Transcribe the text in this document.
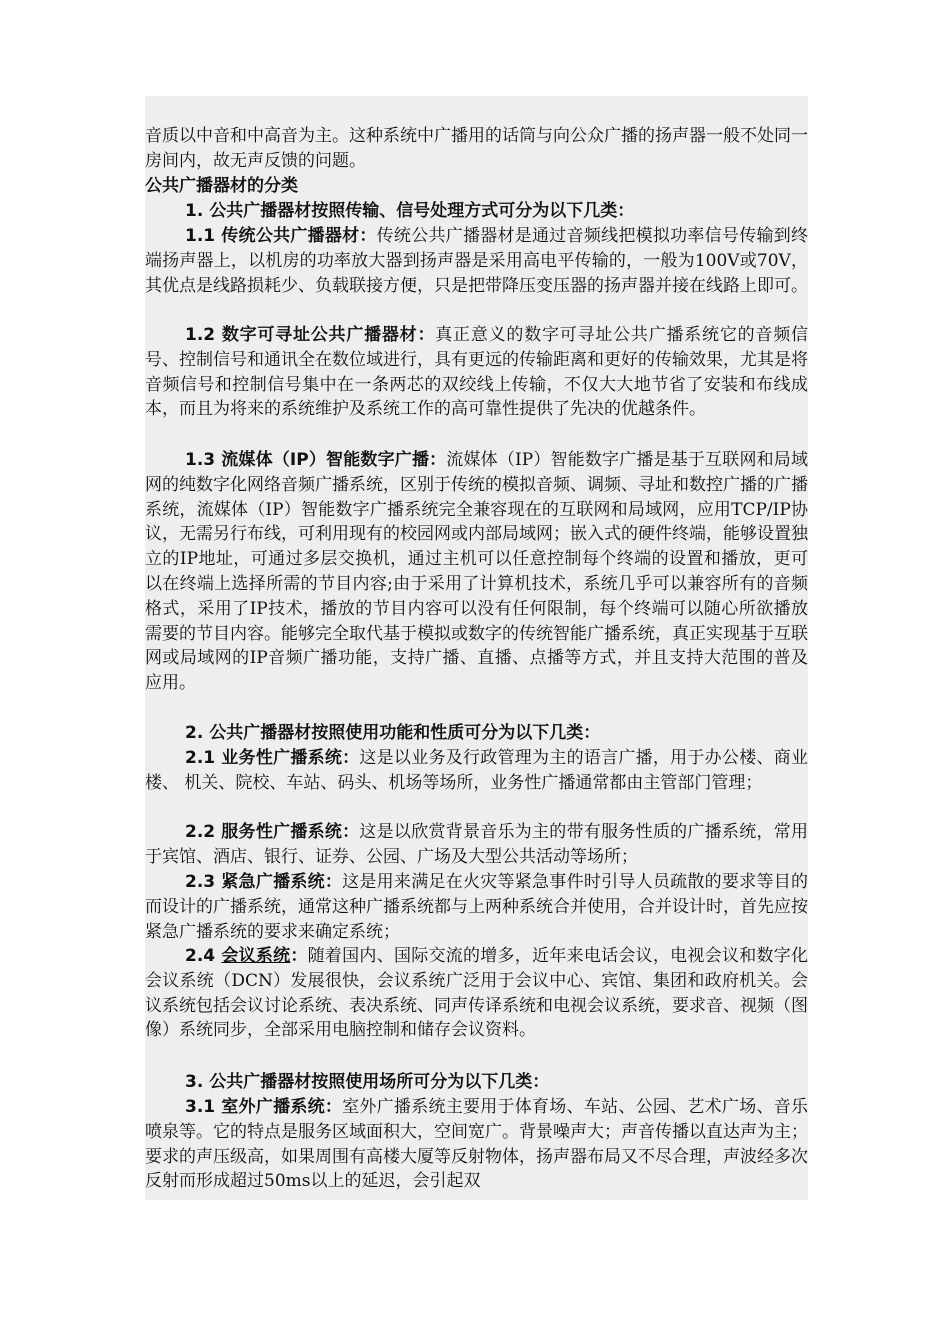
音质以中音和中高音为主。这种系统中广播用的话筒与向公众广播的扬声器一般不处同一房间内，故无声反馈的问题。

公共广播器材的分类

1. 公共广播器材按照传输、信号处理方式可分为以下几类：

1.1 传统公共广播器材：传统公共广播器材是通过音频线把模拟功率信号传输到终端扬声器上，以机房的功率放大器到扬声器是采用高电平传输的，一般为100V或70V，其优点是线路损耗少、负载联接方便，只是把带降压变压器的扬声器并接在线路上即可。

1.2 数字可寻址公共广播器材：真正意义的数字可寻址公共广播系统它的音频信号、控制信号和通讯全在数位域进行，具有更远的传输距离和更好的传输效果，尤其是将音频信号和控制信号集中在一条两芯的双绞线上传输，不仅大大地节省了安装和布线成本，而且为将来的系统维护及系统工作的高可靠性提供了先决的优越条件。

1.3 流媒体（IP）智能数字广播：流媒体（IP）智能数字广播是基于互联网和局域网的纯数字化网络音频广播系统，区别于传统的模拟音频、调频、寻址和数控广播的广播系统，流媒体（IP）智能数字广播系统完全兼容现在的互联网和局域网，应用TCP/IP协议，无需另行布线，可利用现有的校园网或内部局域网；嵌入式的硬件终端，能够设置独立的IP地址，可通过多层交换机，通过主机可以任意控制每个终端的设置和播放，更可以在终端上选择所需的节目内容;由于采用了计算机技术，系统几乎可以兼容所有的音频格式，采用了IP技术，播放的节目内容可以没有任何限制，每个终端可以随心所欲播放需要的节目内容。能够完全取代基于模拟或数字的传统智能广播系统，真正实现基于互联网或局域网的IP音频广播功能，支持广播、直播、点播等方式，并且支持大范围的普及应用。

2. 公共广播器材按照使用功能和性质可分为以下几类：

2.1 业务性广播系统：这是以业务及行政管理为主的语言广播，用于办公楼、商业楼、 机关、院校、车站、码头、机场等场所，业务性广播通常都由主管部门管理；

2.2 服务性广播系统：这是以欣赏背景音乐为主的带有服务性质的广播系统，常用于宾馆、酒店、银行、证券、公园、广场及大型公共活动等场所；

2.3 紧急广播系统：这是用来满足在火灾等紧急事件时引导人员疏散的要求等目的而设计的广播系统，通常这种广播系统都与上两种系统合并使用，合并设计时，首先应按紧急广播系统的要求来确定系统；

2.4 会议系统：随着国内、国际交流的增多，近年来电话会议，电视会议和数字化会议系统（DCN）发展很快，会议系统广泛用于会议中心、宾馆、集团和政府机关。会议系统包括会议讨论系统、表决系统、同声传译系统和电视会议系统，要求音、视频（图像）系统同步，全部采用电脑控制和储存会议资料。

3. 公共广播器材按照使用场所可分为以下几类：

3.1 室外广播系统：室外广播系统主要用于体育场、车站、公园、艺术广场、音乐喷泉等。它的特点是服务区域面积大，空间宽广。背景噪声大；声音传播以直达声为主；要求的声压级高，如果周围有高楼大厦等反射物体，扬声器布局又不尽合理，声波经多次反射而形成超过50ms以上的延迟，会引起双
